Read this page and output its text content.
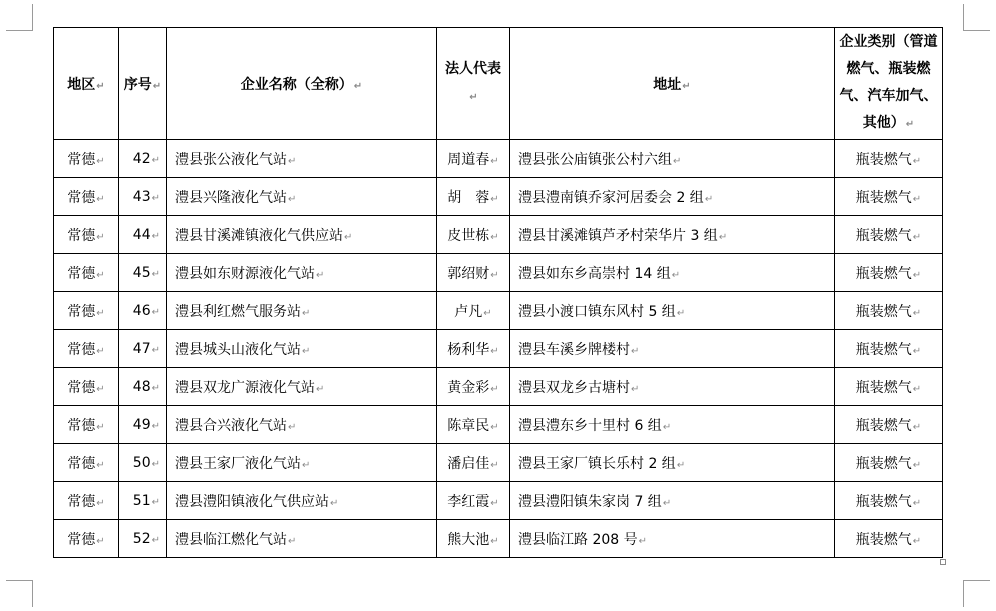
地区↵	序号↵	企业名称（全称）↵	法人代表↵	地址↵	企业类别（管道燃气、瓶装燃气、汽车加气、其他）↵
常德↵	42↵	澧县张公液化气站↵	周道春↵	澧县张公庙镇张公村六组↵	瓶装燃气↵
常德↵	43↵	澧县兴隆液化气站↵	胡　蓉↵	澧县澧南镇乔家河居委会 2 组↵	瓶装燃气↵
常德↵	44↵	澧县甘溪滩镇液化气供应站↵	皮世栋↵	澧县甘溪滩镇芦矛村荣华片 3 组↵	瓶装燃气↵
常德↵	45↵	澧县如东财源液化气站↵	郭绍财↵	澧县如东乡高崇村 14 组↵	瓶装燃气↵
常德↵	46↵	澧县利红燃气服务站↵	卢凡↵	澧县小渡口镇东风村 5 组↵	瓶装燃气↵
常德↵	47↵	澧县城头山液化气站↵	杨利华↵	澧县车溪乡牌楼村↵	瓶装燃气↵
常德↵	48↵	澧县双龙广源液化气站↵	黄金彩↵	澧县双龙乡古塘村↵	瓶装燃气↵
常德↵	49↵	澧县合兴液化气站↵	陈章民↵	澧县澧东乡十里村 6 组↵	瓶装燃气↵
常德↵	50↵	澧县王家厂液化气站↵	潘启佳↵	澧县王家厂镇长乐村 2 组↵	瓶装燃气↵
常德↵	51↵	澧县澧阳镇液化气供应站↵	李红霞↵	澧县澧阳镇朱家岗 7 组↵	瓶装燃气↵
常德↵	52↵	澧县临江燃化气站↵	熊大池↵	澧县临江路 208 号↵	瓶装燃气↵
